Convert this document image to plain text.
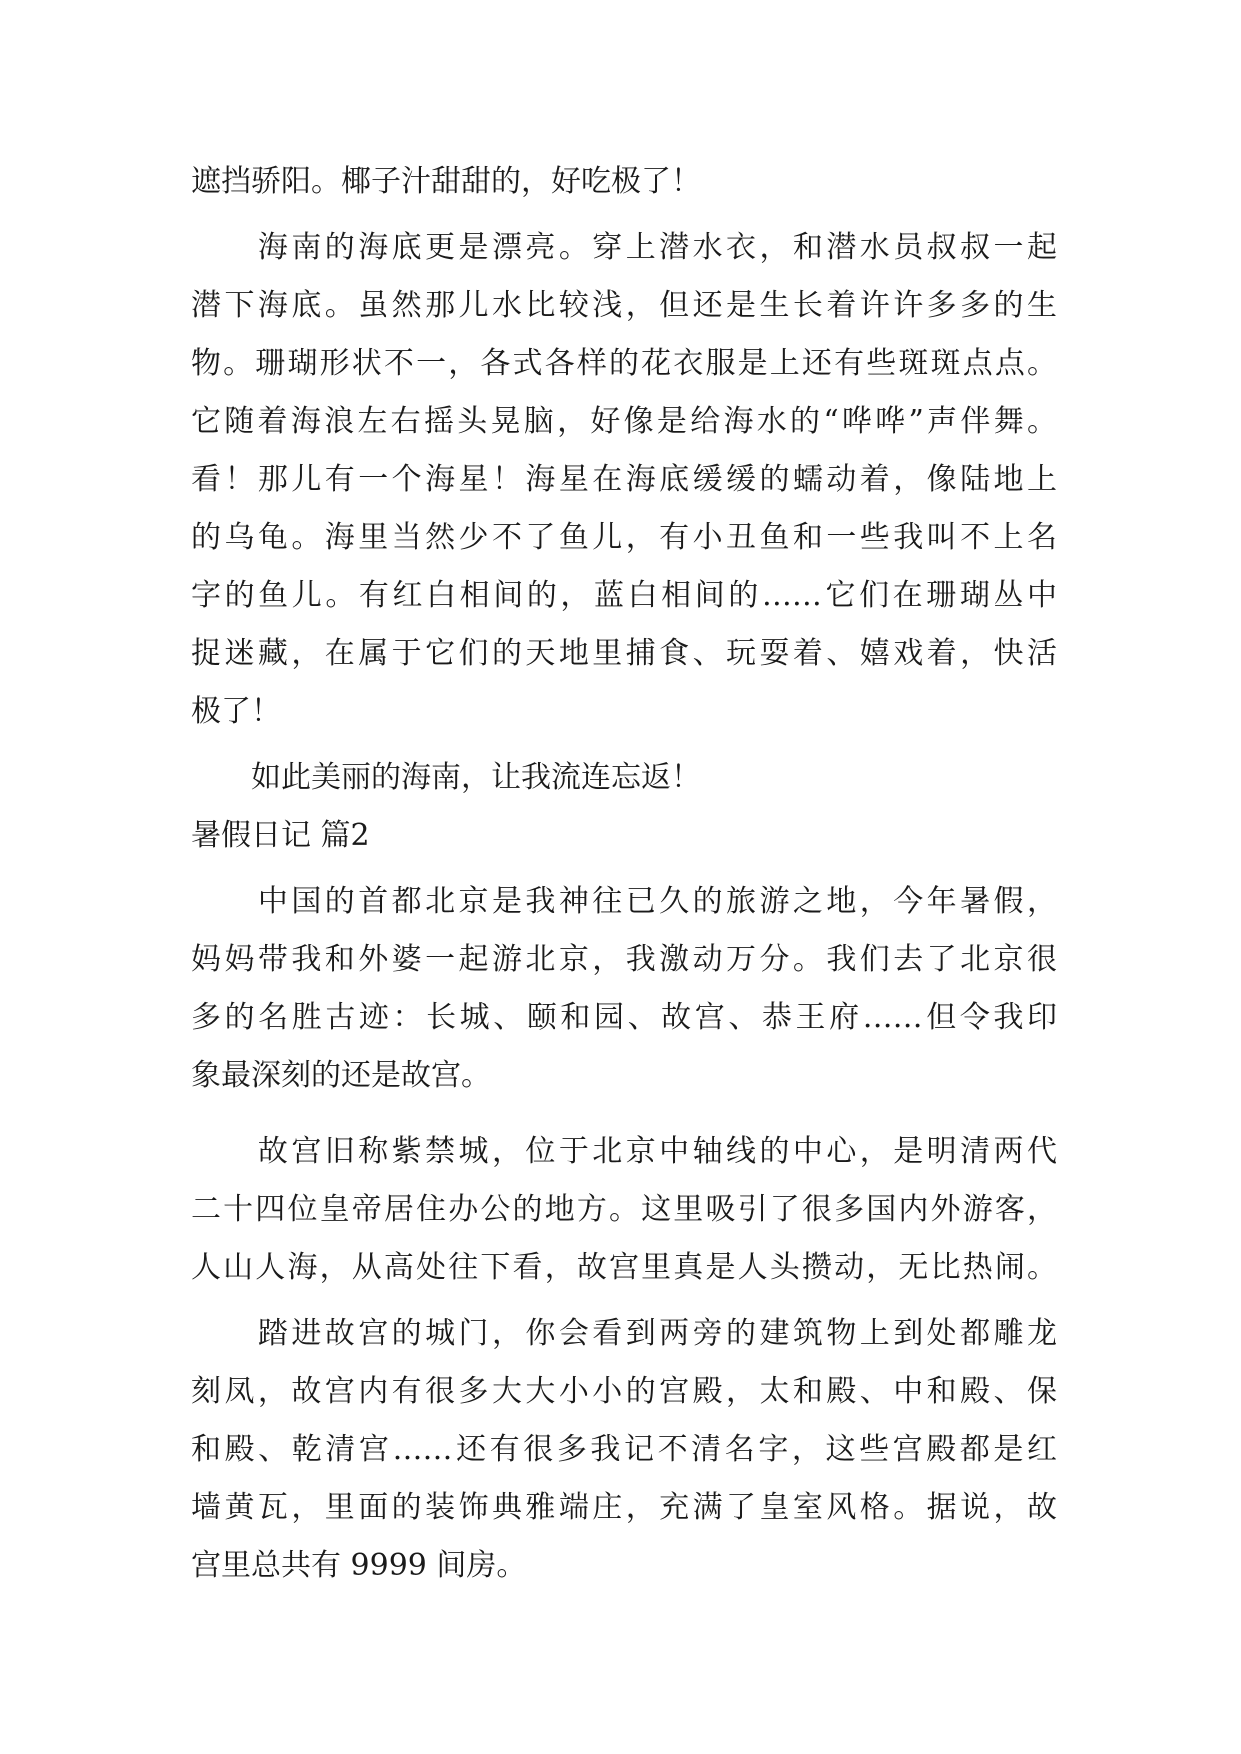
遮挡骄阳。椰子汁甜甜的，好吃极了！
　　海南的海底更是漂亮。穿上潜水衣，和潜水员叔叔一起
潜下海底。虽然那儿水比较浅，但还是生长着许许多多的生
物。珊瑚形状不一，各式各样的花衣服是上还有些斑斑点点。
它随着海浪左右摇头晃脑，好像是给海水的“哗哗”声伴舞。
看！那儿有一个海星！海星在海底缓缓的蠕动着，像陆地上
的乌龟。海里当然少不了鱼儿，有小丑鱼和一些我叫不上名
字的鱼儿。有红白相间的，蓝白相间的……它们在珊瑚丛中
捉迷藏，在属于它们的天地里捕食、玩耍着、嬉戏着，快活
极了！
　　如此美丽的海南，让我流连忘返！
暑假日记 篇2
　　中国的首都北京是我神往已久的旅游之地，今年暑假，
妈妈带我和外婆一起游北京，我激动万分。我们去了北京很
多的名胜古迹：长城、颐和园、故宫、恭王府……但令我印
象最深刻的还是故宫。
　　故宫旧称紫禁城，位于北京中轴线的中心，是明清两代
二十四位皇帝居住办公的地方。这里吸引了很多国内外游客，
人山人海，从高处往下看，故宫里真是人头攒动，无比热闹。
　　踏进故宫的城门，你会看到两旁的建筑物上到处都雕龙
刻凤，故宫内有很多大大小小的宫殿，太和殿、中和殿、保
和殿、乾清宫……还有很多我记不清名字，这些宫殿都是红
墙黄瓦，里面的装饰典雅端庄，充满了皇室风格。据说，故
宫里总共有 9999 间房。
